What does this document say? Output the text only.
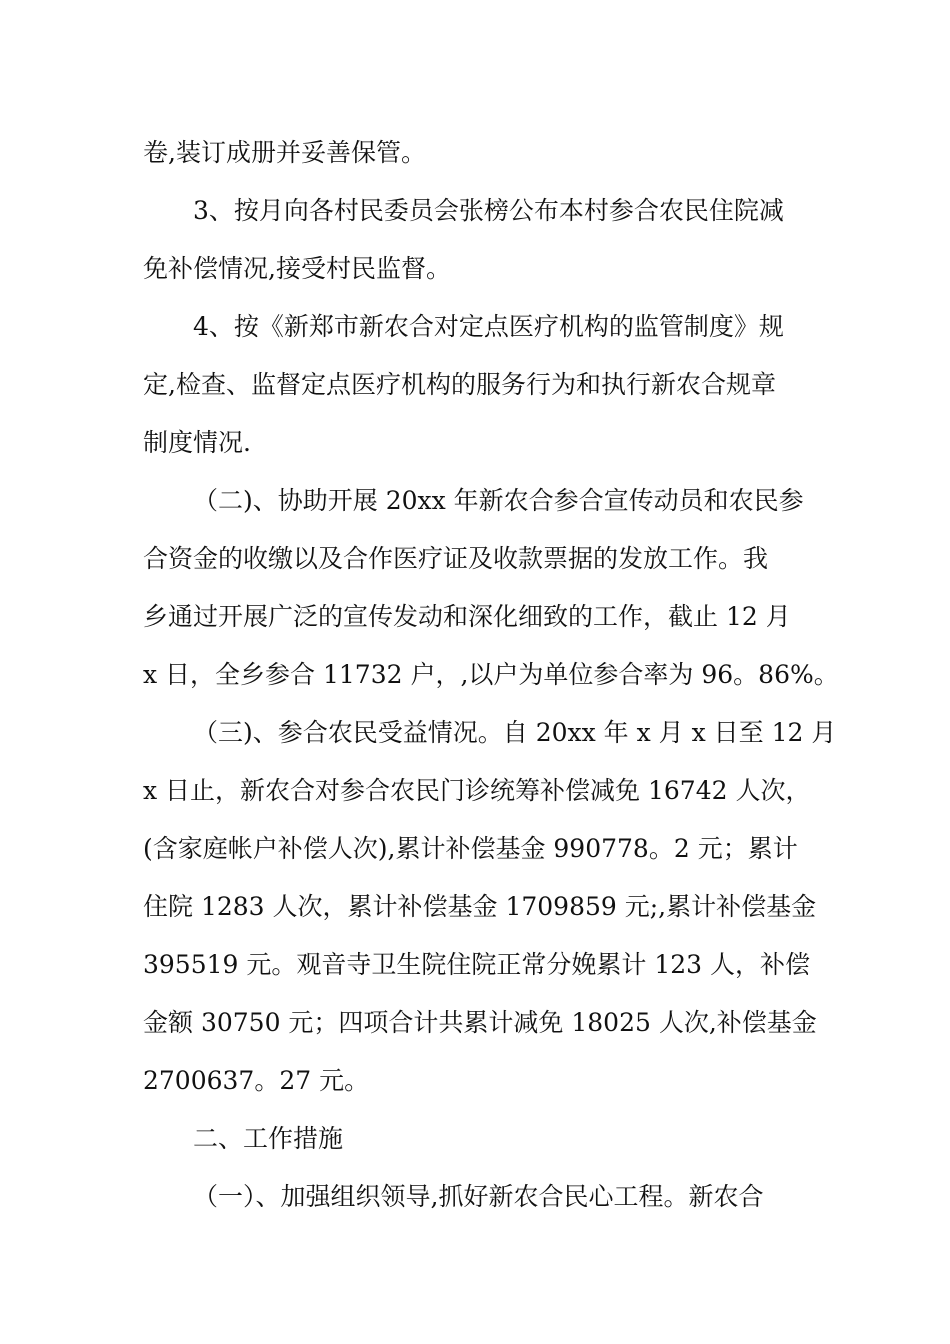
卷,装订成册并妥善保管。

3、按月向各村民委员会张榜公布本村参合农民住院减
免补偿情况,接受村民监督。

4、按《新郑市新农合对定点医疗机构的监管制度》规
定,检查、监督定点医疗机构的服务行为和执行新农合规章
制度情况.

（二)、协助开展 20xx 年新农合参合宣传动员和农民参
合资金的收缴以及合作医疗证及收款票据的发放工作。我
乡通过开展广泛的宣传发动和深化细致的工作，截止 12 月
x 日，全乡参合 11732 户，,以户为单位参合率为 96。86%。

（三)、参合农民受益情况。自 20xx 年 x 月 x 日至 12 月
x 日止，新农合对参合农民门诊统筹补偿减免 16742 人次，
(含家庭帐户补偿人次),累计补偿基金 990778。2 元；累计
住院 1283 人次，累计补偿基金 1709859 元;,累计补偿基金
395519 元。观音寺卫生院住院正常分娩累计 123 人，补偿
金额 30750 元；四项合计共累计减免 18025 人次,补偿基金
2700637。27 元。

二、工作措施

（一）、加强组织领导,抓好新农合民心工程。新农合
